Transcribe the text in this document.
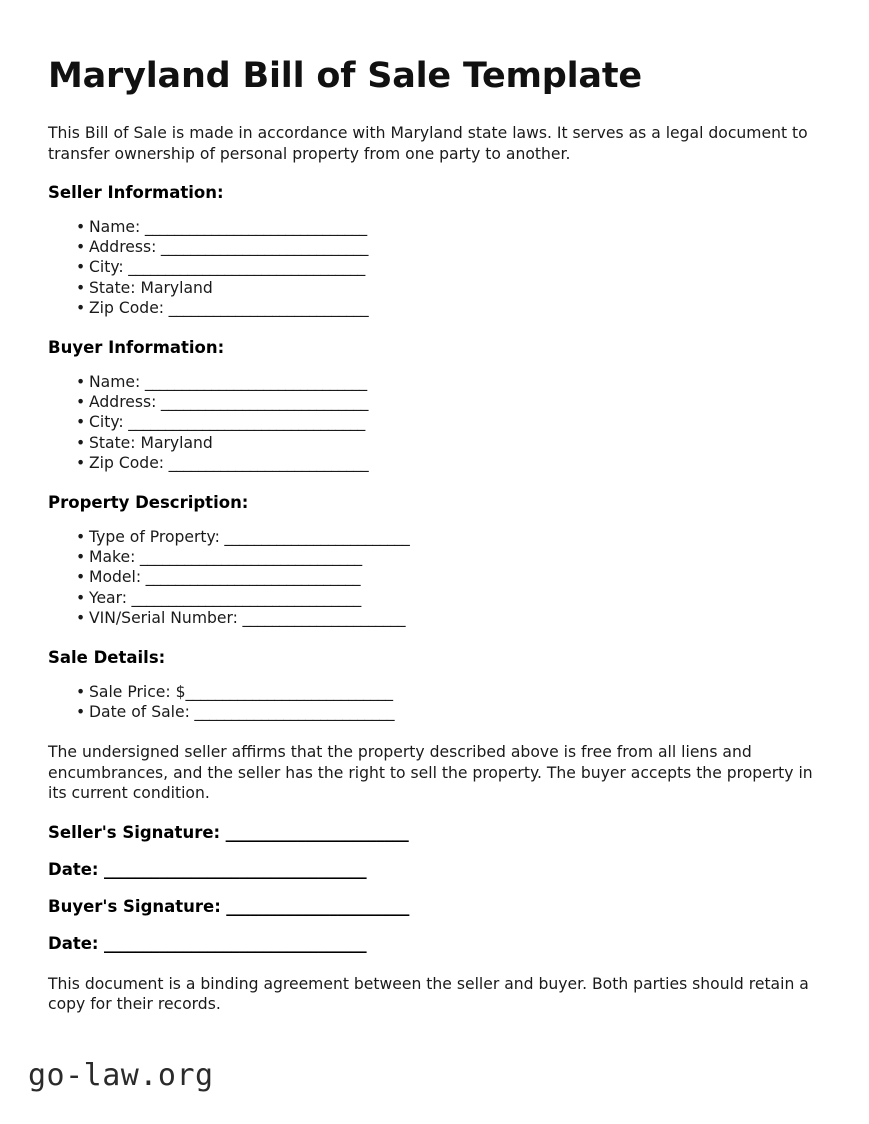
Maryland Bill of Sale Template

This Bill of Sale is made in accordance with Maryland state laws. It serves as a legal document to transfer ownership of personal property from one party to another.

Seller Information:
• Name: ______________________________
• Address: ____________________________
• City: ________________________________
• State: Maryland
• Zip Code: ___________________________
Buyer Information:
• Name: ______________________________
• Address: ____________________________
• City: ________________________________
• State: Maryland
• Zip Code: ___________________________
Property Description:
• Type of Property: _________________________
• Make: ______________________________
• Model: _____________________________
• Year: _______________________________
• VIN/Serial Number: ______________________
Sale Details:
• Sale Price: $____________________________
• Date of Sale: ___________________________

The undersigned seller affirms that the property described above is free from all liens and encumbrances, and the seller has the right to sell the property. The buyer accepts the property in its current condition.

Seller's Signature: _______________________

Date: _________________________________

Buyer's Signature: _______________________

Date: _________________________________

This document is a binding agreement between the seller and buyer. Both parties should retain a copy for their records.

go-law.org
